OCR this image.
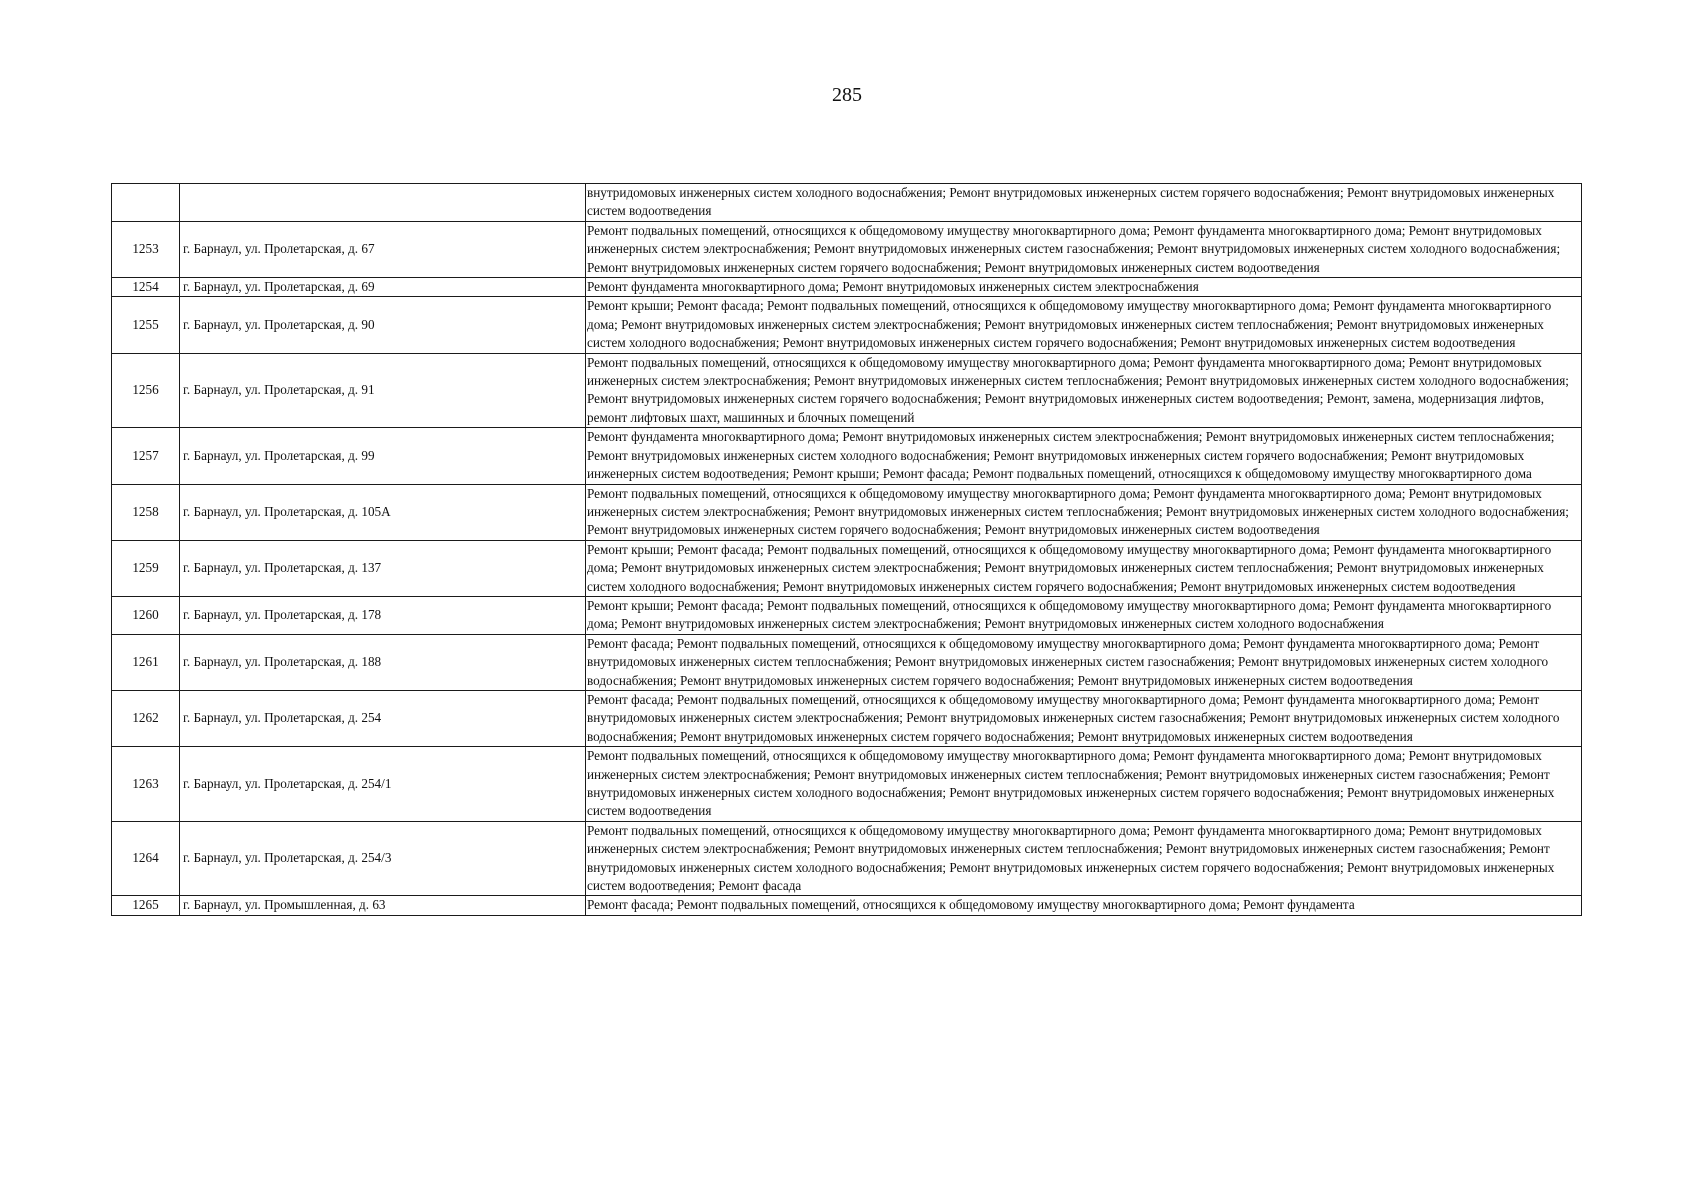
285
		внутридомовых инженерных систем холодного водоснабжения; Ремонт внутридомовых инженерных систем горячего водоснабжения; Ремонт внутридомовых инженерных систем водоотведения
1253	г. Барнаул, ул. Пролетарская, д. 67	Ремонт подвальных помещений, относящихся к общедомовому имуществу многоквартирного дома; Ремонт фундамента многоквартирного дома; Ремонт внутридомовых инженерных систем электроснабжения; Ремонт внутридомовых инженерных систем газоснабжения; Ремонт внутридомовых инженерных систем холодного водоснабжения; Ремонт внутридомовых инженерных систем горячего водоснабжения; Ремонт внутридомовых инженерных систем водоотведения
1254	г. Барнаул, ул. Пролетарская, д. 69	Ремонт фундамента многоквартирного дома; Ремонт внутридомовых инженерных систем электроснабжения
1255	г. Барнаул, ул. Пролетарская, д. 90	Ремонт крыши; Ремонт фасада; Ремонт подвальных помещений, относящихся к общедомовому имуществу многоквартирного дома; Ремонт фундамента многоквартирного дома; Ремонт внутридомовых инженерных систем электроснабжения; Ремонт внутридомовых инженерных систем теплоснабжения; Ремонт внутридомовых инженерных систем холодного водоснабжения; Ремонт внутридомовых инженерных систем горячего водоснабжения; Ремонт внутридомовых инженерных систем водоотведения
1256	г. Барнаул, ул. Пролетарская, д. 91	Ремонт подвальных помещений, относящихся к общедомовому имуществу многоквартирного дома; Ремонт фундамента многоквартирного дома; Ремонт внутридомовых инженерных систем электроснабжения; Ремонт внутридомовых инженерных систем теплоснабжения; Ремонт внутридомовых инженерных систем холодного водоснабжения; Ремонт внутридомовых инженерных систем горячего водоснабжения; Ремонт внутридомовых инженерных систем водоотведения; Ремонт, замена, модернизация лифтов, ремонт лифтовых шахт, машинных и блочных помещений
1257	г. Барнаул, ул. Пролетарская, д. 99	Ремонт фундамента многоквартирного дома; Ремонт внутридомовых инженерных систем электроснабжения; Ремонт внутридомовых инженерных систем теплоснабжения; Ремонт внутридомовых инженерных систем холодного водоснабжения; Ремонт внутридомовых инженерных систем горячего водоснабжения; Ремонт внутридомовых инженерных систем водоотведения; Ремонт крыши; Ремонт фасада; Ремонт подвальных помещений, относящихся к общедомовому имуществу многоквартирного дома
1258	г. Барнаул, ул. Пролетарская, д. 105А	Ремонт подвальных помещений, относящихся к общедомовому имуществу многоквартирного дома; Ремонт фундамента многоквартирного дома; Ремонт внутридомовых инженерных систем электроснабжения; Ремонт внутридомовых инженерных систем теплоснабжения; Ремонт внутридомовых инженерных систем холодного водоснабжения; Ремонт внутридомовых инженерных систем горячего водоснабжения; Ремонт внутридомовых инженерных систем водоотведения
1259	г. Барнаул, ул. Пролетарская, д. 137	Ремонт крыши; Ремонт фасада; Ремонт подвальных помещений, относящихся к общедомовому имуществу многоквартирного дома; Ремонт фундамента многоквартирного дома; Ремонт внутридомовых инженерных систем электроснабжения; Ремонт внутридомовых инженерных систем теплоснабжения; Ремонт внутридомовых инженерных систем холодного водоснабжения; Ремонт внутридомовых инженерных систем горячего водоснабжения; Ремонт внутридомовых инженерных систем водоотведения
1260	г. Барнаул, ул. Пролетарская, д. 178	Ремонт крыши; Ремонт фасада; Ремонт подвальных помещений, относящихся к общедомовому имуществу многоквартирного дома; Ремонт фундамента многоквартирного дома; Ремонт внутридомовых инженерных систем электроснабжения; Ремонт внутридомовых инженерных систем холодного водоснабжения
1261	г. Барнаул, ул. Пролетарская, д. 188	Ремонт фасада; Ремонт подвальных помещений, относящихся к общедомовому имуществу многоквартирного дома; Ремонт фундамента многоквартирного дома; Ремонт внутридомовых инженерных систем теплоснабжения; Ремонт внутридомовых инженерных систем газоснабжения; Ремонт внутридомовых инженерных систем холодного водоснабжения; Ремонт внутридомовых инженерных систем горячего водоснабжения; Ремонт внутридомовых инженерных систем водоотведения
1262	г. Барнаул, ул. Пролетарская, д. 254	Ремонт фасада; Ремонт подвальных помещений, относящихся к общедомовому имуществу многоквартирного дома; Ремонт фундамента многоквартирного дома; Ремонт внутридомовых инженерных систем электроснабжения; Ремонт внутридомовых инженерных систем газоснабжения; Ремонт внутридомовых инженерных систем холодного водоснабжения; Ремонт внутридомовых инженерных систем горячего водоснабжения; Ремонт внутридомовых инженерных систем водоотведения
1263	г. Барнаул, ул. Пролетарская, д. 254/1	Ремонт подвальных помещений, относящихся к общедомовому имуществу многоквартирного дома; Ремонт фундамента многоквартирного дома; Ремонт внутридомовых инженерных систем электроснабжения; Ремонт внутридомовых инженерных систем теплоснабжения; Ремонт внутридомовых инженерных систем газоснабжения; Ремонт внутридомовых инженерных систем холодного водоснабжения; Ремонт внутридомовых инженерных систем горячего водоснабжения; Ремонт внутридомовых инженерных систем водоотведения
1264	г. Барнаул, ул. Пролетарская, д. 254/3	Ремонт подвальных помещений, относящихся к общедомовому имуществу многоквартирного дома; Ремонт фундамента многоквартирного дома; Ремонт внутридомовых инженерных систем электроснабжения; Ремонт внутридомовых инженерных систем теплоснабжения; Ремонт внутридомовых инженерных систем газоснабжения; Ремонт внутридомовых инженерных систем холодного водоснабжения; Ремонт внутридомовых инженерных систем горячего водоснабжения; Ремонт внутридомовых инженерных систем водоотведения; Ремонт фасада
1265	г. Барнаул, ул. Промышленная, д. 63	Ремонт фасада; Ремонт подвальных помещений, относящихся к общедомовому имуществу многоквартирного дома; Ремонт фундамента
